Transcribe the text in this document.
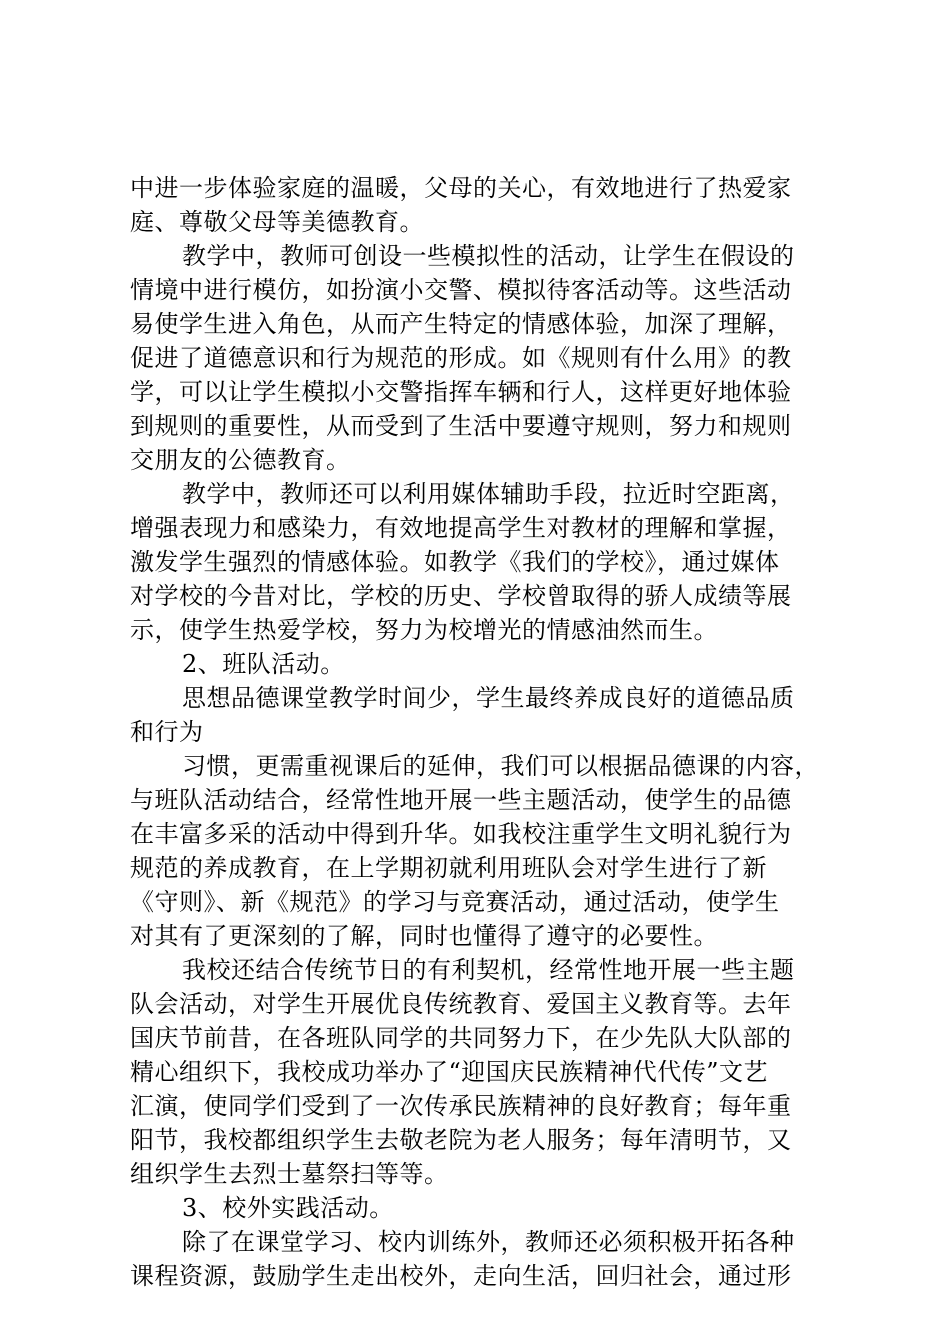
中进一步体验家庭的温暖，父母的关心，有效地进行了热爱家
庭、尊敬父母等美德教育。
教学中，教师可创设一些模拟性的活动，让学生在假设的
情境中进行模仿，如扮演小交警、模拟待客活动等。这些活动
易使学生进入角色，从而产生特定的情感体验，加深了理解，
促进了道德意识和行为规范的形成。如《规则有什么用》的教
学，可以让学生模拟小交警指挥车辆和行人，这样更好地体验
到规则的重要性，从而受到了生活中要遵守规则，努力和规则
交朋友的公德教育。
教学中，教师还可以利用媒体辅助手段，拉近时空距离，
增强表现力和感染力，有效地提高学生对教材的理解和掌握，
激发学生强烈的情感体验。如教学《我们的学校》，通过媒体
对学校的今昔对比，学校的历史、学校曾取得的骄人成绩等展
示，使学生热爱学校，努力为校增光的情感油然而生。
2、班队活动。
思想品德课堂教学时间少，学生最终养成良好的道德品质
和行为
习惯，更需重视课后的延伸，我们可以根据品德课的内容，
与班队活动结合，经常性地开展一些主题活动，使学生的品德
在丰富多采的活动中得到升华。如我校注重学生文明礼貌行为
规范的养成教育，在上学期初就利用班队会对学生进行了新
《守则》、新《规范》的学习与竞赛活动，通过活动，使学生
对其有了更深刻的了解，同时也懂得了遵守的必要性。
我校还结合传统节日的有利契机，经常性地开展一些主题
队会活动，对学生开展优良传统教育、爱国主义教育等。去年
国庆节前昔，在各班队同学的共同努力下，在少先队大队部的
精心组织下，我校成功举办了“迎国庆民族精神代代传”文艺
汇演，使同学们受到了一次传承民族精神的良好教育；每年重
阳节，我校都组织学生去敬老院为老人服务；每年清明节，又
组织学生去烈士墓祭扫等等。
3、校外实践活动。
除了在课堂学习、校内训练外，教师还必须积极开拓各种
课程资源，鼓励学生走出校外，走向生活，回归社会，通过形
